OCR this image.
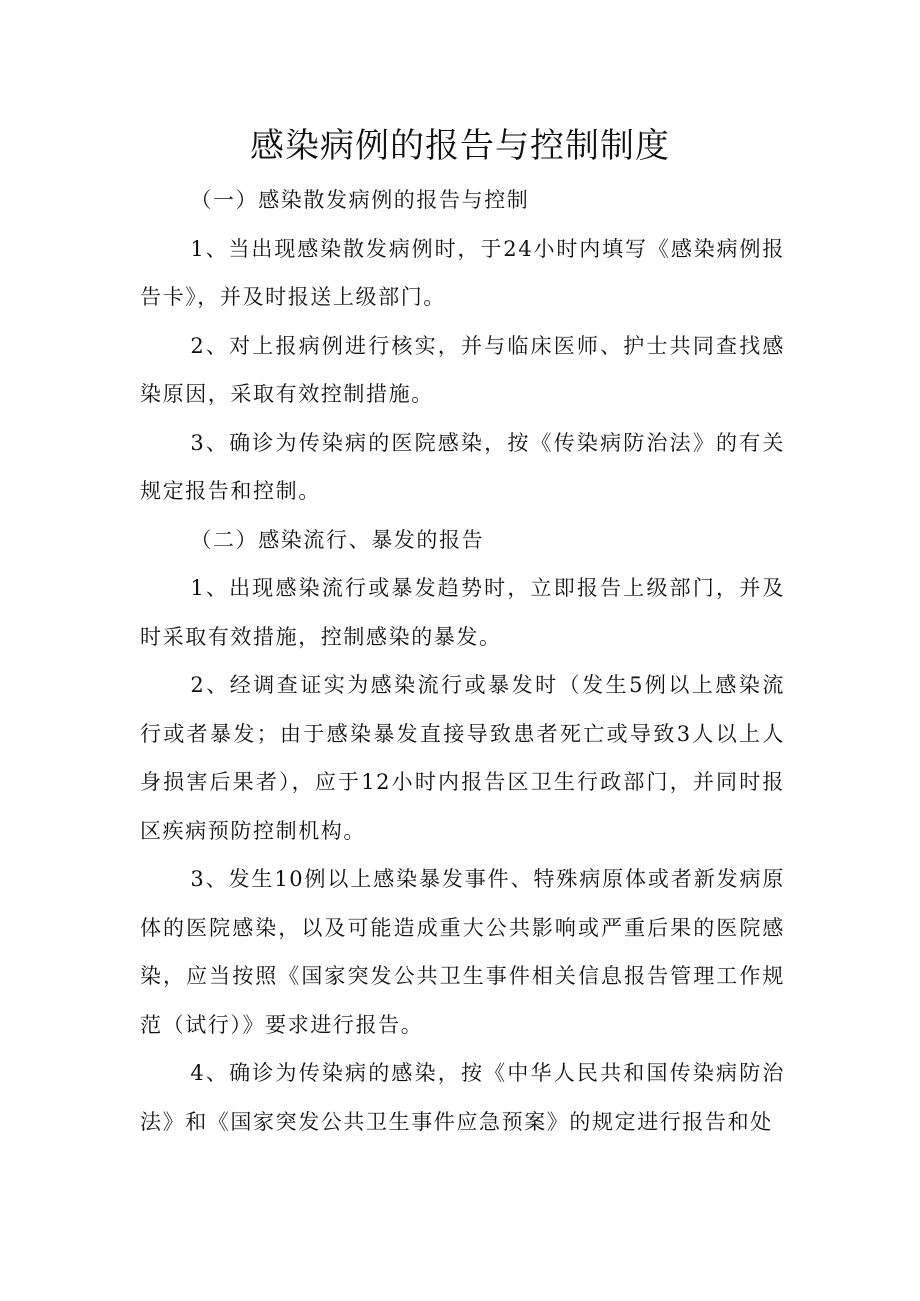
感染病例的报告与控制制度

（一）感染散发病例的报告与控制

1、当出现感染散发病例时，于24小时内填写《感染病例报告卡》，并及时报送上级部门。

2、对上报病例进行核实，并与临床医师、护士共同查找感染原因，采取有效控制措施。

3、确诊为传染病的医院感染，按《传染病防治法》的有关规定报告和控制。

（二）感染流行、暴发的报告

1、出现感染流行或暴发趋势时，立即报告上级部门，并及时采取有效措施，控制感染的暴发。

2、经调查证实为感染流行或暴发时（发生5例以上感染流行或者暴发；由于感染暴发直接导致患者死亡或导致3人以上人身损害后果者），应于12小时内报告区卫生行政部门，并同时报区疾病预防控制机构。

3、发生10例以上感染暴发事件、特殊病原体或者新发病原体的医院感染，以及可能造成重大公共影响或严重后果的医院感染，应当按照《国家突发公共卫生事件相关信息报告管理工作规范（试行）》要求进行报告。

4、确诊为传染病的感染，按《中华人民共和国传染病防治法》和《国家突发公共卫生事件应急预案》的规定进行报告和处
